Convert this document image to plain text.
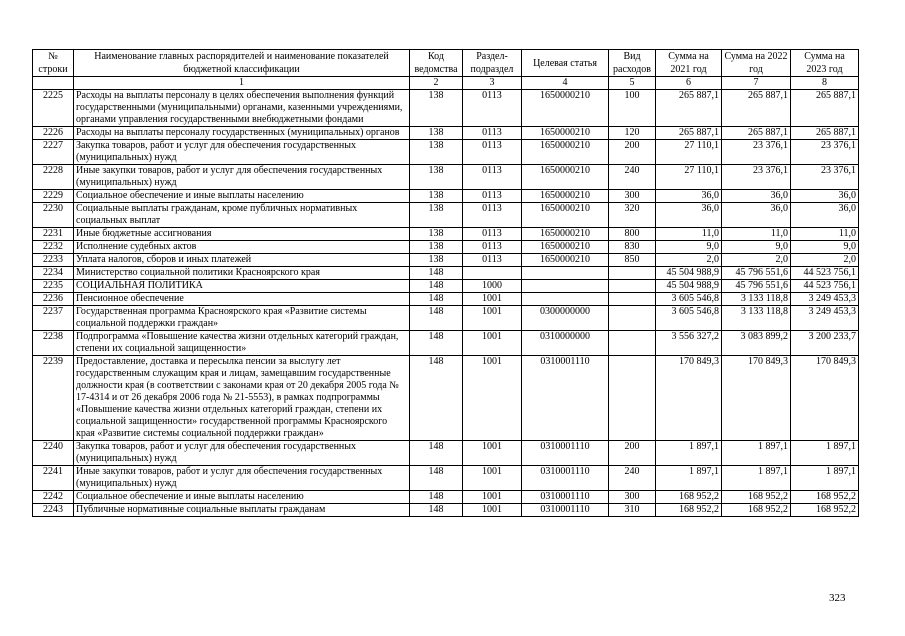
№ строки	Наименование главных распорядителей и наименование показателей бюджетной классификации	Код ведомства	Раздел-подраздел	Целевая статья	Вид расходов	Сумма на 2021 год	Сумма на 2022 год	Сумма на 2023 год
	1	2	3	4	5	6	7	8
2225	Расходы на выплаты персоналу в целях обеспечения выполнения функций государственными (муниципальными) органами, казенными учреждениями, органами управления государственными внебюджетными фондами	138	0113	1650000210	100	265 887,1	265 887,1	265 887,1
2226	Расходы на выплаты персоналу государственных (муниципальных) органов	138	0113	1650000210	120	265 887,1	265 887,1	265 887,1
2227	Закупка товаров, работ и услуг для обеспечения государственных (муниципальных) нужд	138	0113	1650000210	200	27 110,1	23 376,1	23 376,1
2228	Иные закупки товаров, работ и услуг для обеспечения государственных (муниципальных) нужд	138	0113	1650000210	240	27 110,1	23 376,1	23 376,1
2229	Социальное обеспечение и иные выплаты населению	138	0113	1650000210	300	36,0	36,0	36,0
2230	Социальные выплаты гражданам, кроме публичных нормативных социальных выплат	138	0113	1650000210	320	36,0	36,0	36,0
2231	Иные бюджетные ассигнования	138	0113	1650000210	800	11,0	11,0	11,0
2232	Исполнение судебных актов	138	0113	1650000210	830	9,0	9,0	9,0
2233	Уплата налогов, сборов и иных платежей	138	0113	1650000210	850	2,0	2,0	2,0
2234	Министерство социальной политики Красноярского края	148				45 504 988,9	45 796 551,6	44 523 756,1
2235	СОЦИАЛЬНАЯ ПОЛИТИКА	148	1000			45 504 988,9	45 796 551,6	44 523 756,1
2236	Пенсионное обеспечение	148	1001			3 605 546,8	3 133 118,8	3 249 453,3
2237	Государственная программа Красноярского края «Развитие системы социальной поддержки граждан»	148	1001	0300000000		3 605 546,8	3 133 118,8	3 249 453,3
2238	Подпрограмма «Повышение качества жизни отдельных категорий граждан, степени их социальной защищенности»	148	1001	0310000000		3 556 327,2	3 083 899,2	3 200 233,7
2239	Предоставление, доставка и пересылка пенсии за выслугу лет государственным служащим края и лицам, замещавшим государственные должности края (в соответствии с законами края от 20 декабря 2005 года № 17-4314 и от 26 декабря 2006 года № 21-5553), в рамках подпрограммы «Повышение качества жизни отдельных категорий граждан, степени их социальной защищенности» государственной программы Красноярского края «Развитие системы социальной поддержки граждан»	148	1001	0310001110		170 849,3	170 849,3	170 849,3
2240	Закупка товаров, работ и услуг для обеспечения государственных (муниципальных) нужд	148	1001	0310001110	200	1 897,1	1 897,1	1 897,1
2241	Иные закупки товаров, работ и услуг для обеспечения государственных (муниципальных) нужд	148	1001	0310001110	240	1 897,1	1 897,1	1 897,1
2242	Социальное обеспечение и иные выплаты населению	148	1001	0310001110	300	168 952,2	168 952,2	168 952,2
2243	Публичные нормативные социальные выплаты гражданам	148	1001	0310001110	310	168 952,2	168 952,2	168 952,2
323
